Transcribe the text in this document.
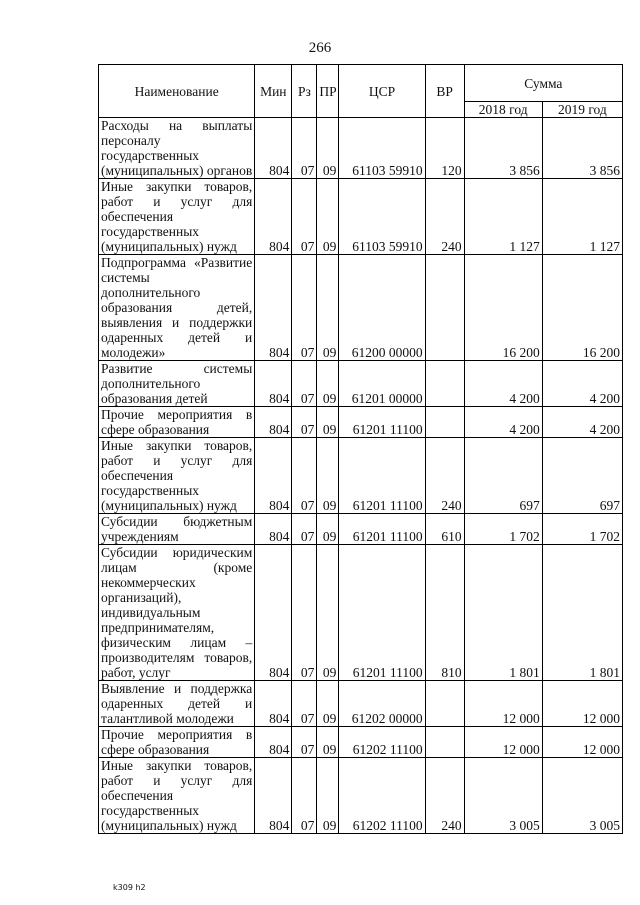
266
Наименование	Мин	Рз	ПР	ЦСР	ВР	Сумма	
						2018 год	2019 год
Расходы на выплаты персоналу государственных (муниципальных) органов	804	07	09	61103 59910	120	3 856	3 856
Иные закупки товаров, работ и услуг для обеспечения государственных (муниципальных) нужд	804	07	09	61103 59910	240	1 127	1 127
Подпрограмма «Развитие системы дополнительного образования детей, выявления и поддержки одаренных детей и молодежи»	804	07	09	61200 00000		16 200	16 200
Развитие системы дополнительного образования детей	804	07	09	61201 00000		4 200	4 200
Прочие мероприятия в сфере образования	804	07	09	61201 11100		4 200	4 200
Иные закупки товаров, работ и услуг для обеспечения государственных (муниципальных) нужд	804	07	09	61201 11100	240	697	697
Субсидии бюджетным учреждениям	804	07	09	61201 11100	610	1 702	1 702
Субсидии юридическим лицам (кроме некоммерческих организаций), индивидуальным предпринимателям, физическим лицам – производителям товаров, работ, услуг	804	07	09	61201 11100	810	1 801	1 801
Выявление и поддержка одаренных детей и талантливой молодежи	804	07	09	61202 00000		12 000	12 000
Прочие мероприятия в сфере образования	804	07	09	61202 11100		12 000	12 000
Иные закупки товаров, работ и услуг для обеспечения государственных (муниципальных) нужд	804	07	09	61202 11100	240	3 005	3 005
k309 h2
